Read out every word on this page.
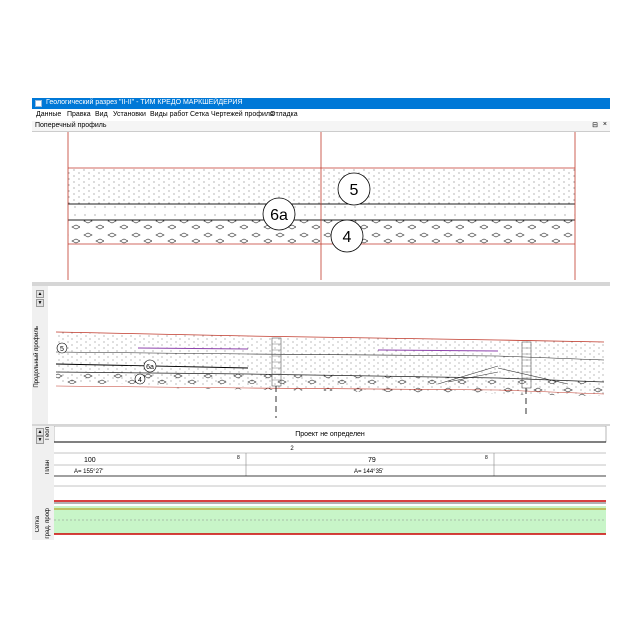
Геологический разрез "II-II" - ТИМ КРЕДО МАРКШЕЙДЕРИЯ
Данные Правка Вид Установки Виды работ Сетка Чертежей профиля
Отладка
Поперечный профиль	⊟ ×
5
6а
4
▲
▼
Продольный профиль	5
6а
4
▲
▼
Геол
План
Сетка град. проф
Проект не определен
2
100	8	79	8
A= 155°27'	A= 144°35'
